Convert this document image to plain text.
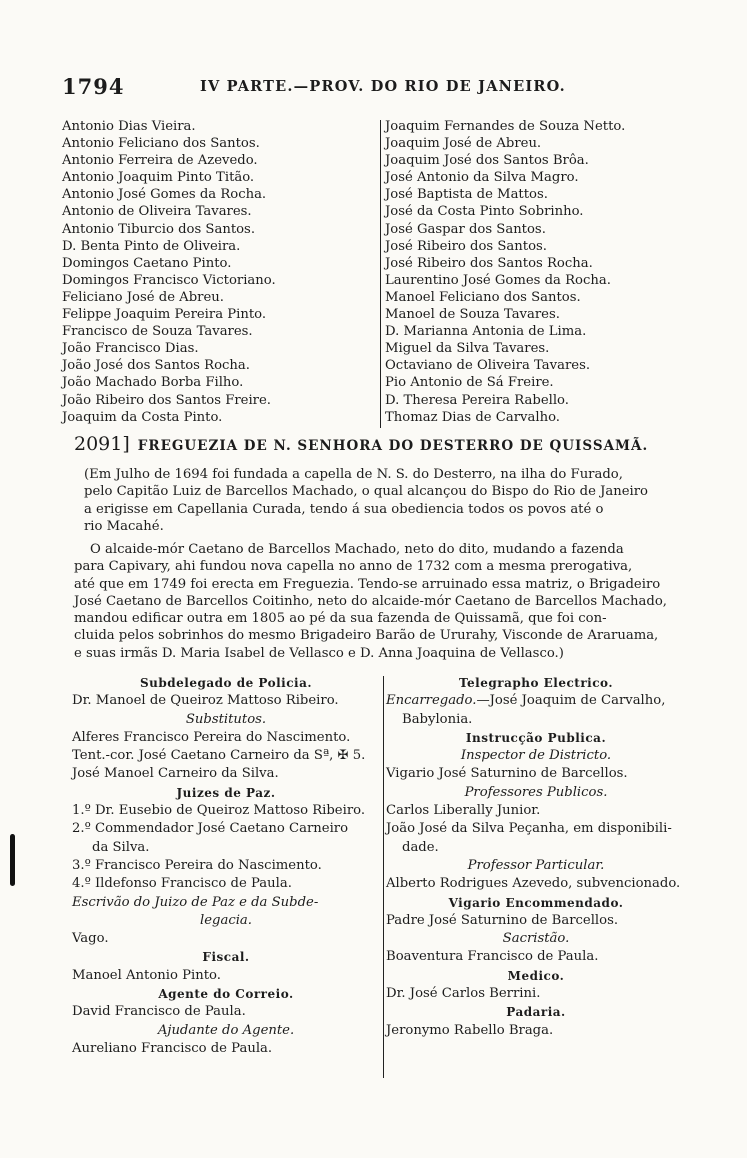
1794	IV PARTE.—PROV. DO RIO DE JANEIRO.
Antonio Dias Vieira.
Antonio Feliciano dos Santos.
Antonio Ferreira de Azevedo.
Antonio Joaquim Pinto Titão.
Antonio José Gomes da Rocha.
Antonio de Oliveira Tavares.
Antonio Tiburcio dos Santos.
D. Benta Pinto de Oliveira.
Domingos Caetano Pinto.
Domingos Francisco Victoriano.
Feliciano José de Abreu.
Felippe Joaquim Pereira Pinto.
Francisco de Souza Tavares.
João Francisco Dias.
João José dos Santos Rocha.
João Machado Borba Filho.
João Ribeiro dos Santos Freire.
Joaquim da Costa Pinto.
Joaquim Fernandes de Souza Netto.
Joaquim José de Abreu.
Joaquim José dos Santos Brôa.
José Antonio da Silva Magro.
José Baptista de Mattos.
José da Costa Pinto Sobrinho.
José Gaspar dos Santos.
José Ribeiro dos Santos.
José Ribeiro dos Santos Rocha.
Laurentino José Gomes da Rocha.
Manoel Feliciano dos Santos.
Manoel de Souza Tavares.
D. Marianna Antonia de Lima.
Miguel da Silva Tavares.
Octaviano de Oliveira Tavares.
Pio Antonio de Sá Freire.
D. Theresa Pereira Rabello.
Thomaz Dias de Carvalho.
2091] FREGUEZIA DE N. SENHORA DO DESTERRO DE QUISSAMÃ.
(Em Julho de 1694 foi fundada a capella de N. S. do Desterro, na ilha do Furado,
pelo Capitão Luiz de Barcellos Machado, o qual alcançou do Bispo do Rio de Janeiro
a erigisse em Capellania Curada, tendo á sua obediencia todos os povos até o
rio Macahé.
O alcaide-mór Caetano de Barcellos Machado, neto do dito, mudando a fazenda
para Capivary, ahi fundou nova capella no anno de 1732 com a mesma prerogativa,
até que em 1749 foi erecta em Freguezia. Tendo-se arruinado essa matriz, o Brigadeiro
José Caetano de Barcellos Coitinho, neto do alcaide-mór Caetano de Barcellos Machado,
mandou edificar outra em 1805 ao pé da sua fazenda de Quissamã, que foi con-
cluida pelos sobrinhos do mesmo Brigadeiro Barão de Ururahy, Visconde de Araruama,
e suas irmãs D. Maria Isabel de Vellasco e D. Anna Joaquina de Vellasco.)
Subdelegado de Policia.
Dr. Manoel de Queiroz Mattoso Ribeiro.
Substitutos.
Alferes Francisco Pereira do Nascimento.
Tent.-cor. José Caetano Carneiro da Sª, ✠ 5.
José Manoel Carneiro da Silva.
Juizes de Paz.
1.º Dr. Eusebio de Queiroz Mattoso Ribeiro.
2.º Commendador José Caetano Carneiro
da Silva.
3.º Francisco Pereira do Nascimento.
4.º Ildefonso Francisco de Paula.
Escrivão do Juizo de Paz e da Subde-
legacia.
Vago.
Fiscal.
Manoel Antonio Pinto.
Agente do Correio.
David Francisco de Paula.
Ajudante do Agente.
Aureliano Francisco de Paula.
Telegrapho Electrico.
Encarregado.—José Joaquim de Carvalho,
Babylonia.
Instrucção Publica.
Inspector de Districto.
Vigario José Saturnino de Barcellos.
Professores Publicos.
Carlos Liberally Junior.
João José da Silva Peçanha, em disponibili-
dade.
Professor Particular.
Alberto Rodrigues Azevedo, subvencionado.
Vigario Encommendado.
Padre José Saturnino de Barcellos.
Sacristão.
Boaventura Francisco de Paula.
Medico.
Dr. José Carlos Berrini.
Padaria.
Jeronymo Rabello Braga.
